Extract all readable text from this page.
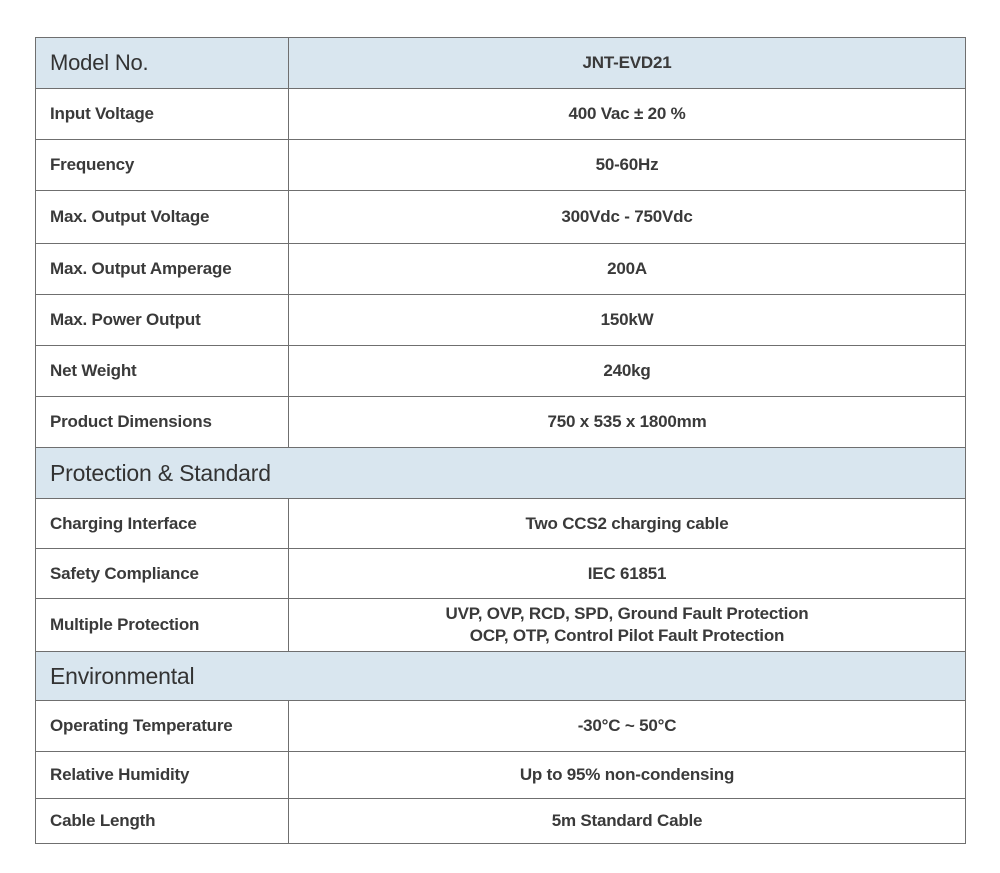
Model No.	JNT-EVD21
Input Voltage	400 Vac ± 20 %
Frequency	50-60Hz
Max. Output Voltage	300Vdc - 750Vdc
Max. Output Amperage	200A
Max. Power Output	150kW
Net Weight	240kg
Product Dimensions	750 x 535 x 1800mm
Protection & Standard	
Charging Interface	Two CCS2 charging cable
Safety Compliance	IEC 61851
Multiple Protection	UVP, OVP, RCD, SPD, Ground Fault Protection
OCP, OTP, Control Pilot Fault Protection

Environmental	
Operating Temperature	-30°C ~ 50°C
Relative Humidity	Up to 95% non-condensing
Cable Length	5m Standard Cable
